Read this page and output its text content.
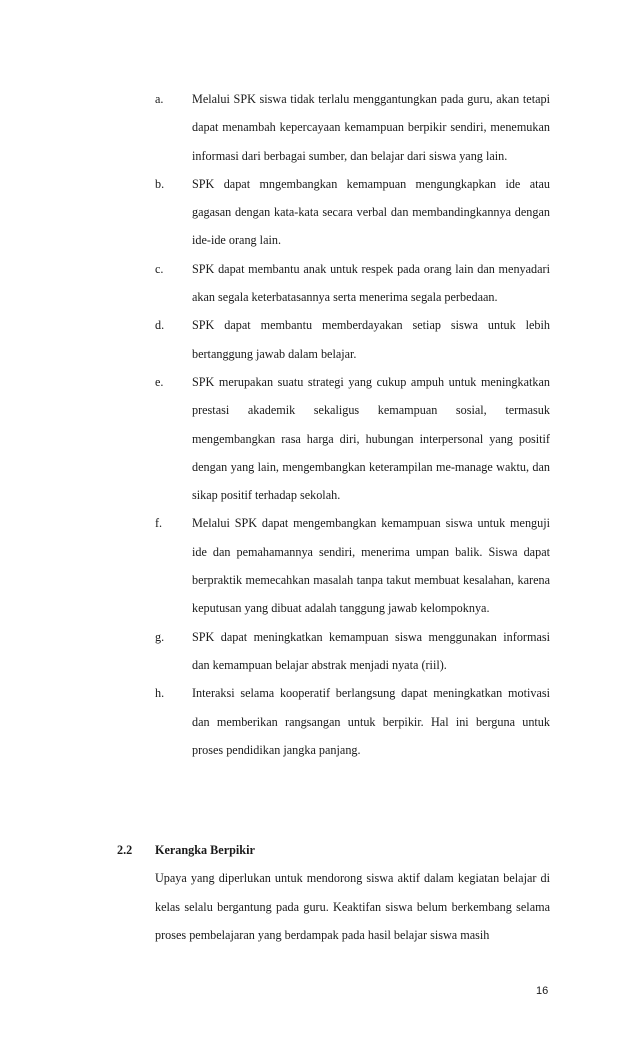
a.	Melalui SPK siswa tidak terlalu menggantungkan pada guru, akan tetapi dapat menambah kepercayaan kemampuan berpikir sendiri, menemukan informasi dari berbagai sumber, dan belajar dari siswa yang lain.
b.	SPK dapat mngembangkan kemampuan mengungkapkan ide atau gagasan dengan kata-kata secara verbal dan membandingkannya dengan ide-ide orang lain.
c.	SPK dapat membantu anak untuk respek pada orang lain dan menyadari akan segala keterbatasannya serta menerima segala perbedaan.
d.	SPK dapat membantu memberdayakan setiap siswa untuk lebih bertanggung jawab dalam belajar.
e.	SPK merupakan suatu strategi yang cukup ampuh untuk meningkatkan prestasi akademik sekaligus kemampuan sosial, termasuk mengembangkan rasa harga diri, hubungan interpersonal yang positif dengan yang lain, mengembangkan keterampilan me-manage waktu, dan sikap positif terhadap sekolah.
f.	Melalui SPK dapat mengembangkan kemampuan siswa untuk menguji ide dan pemahamannya sendiri, menerima umpan balik. Siswa dapat berpraktik memecahkan masalah tanpa takut membuat kesalahan, karena keputusan yang dibuat adalah tanggung jawab kelompoknya.
g.	SPK dapat meningkatkan kemampuan siswa menggunakan informasi dan kemampuan belajar abstrak menjadi nyata (riil).
h.	Interaksi selama kooperatif berlangsung dapat meningkatkan motivasi dan memberikan rangsangan untuk berpikir. Hal ini berguna untuk proses pendidikan jangka panjang.
2.2 Kerangka Berpikir
Upaya yang diperlukan untuk mendorong siswa aktif dalam kegiatan belajar di kelas selalu bergantung pada guru. Keaktifan siswa belum berkembang selama proses pembelajaran yang berdampak pada hasil belajar siswa masih
16
